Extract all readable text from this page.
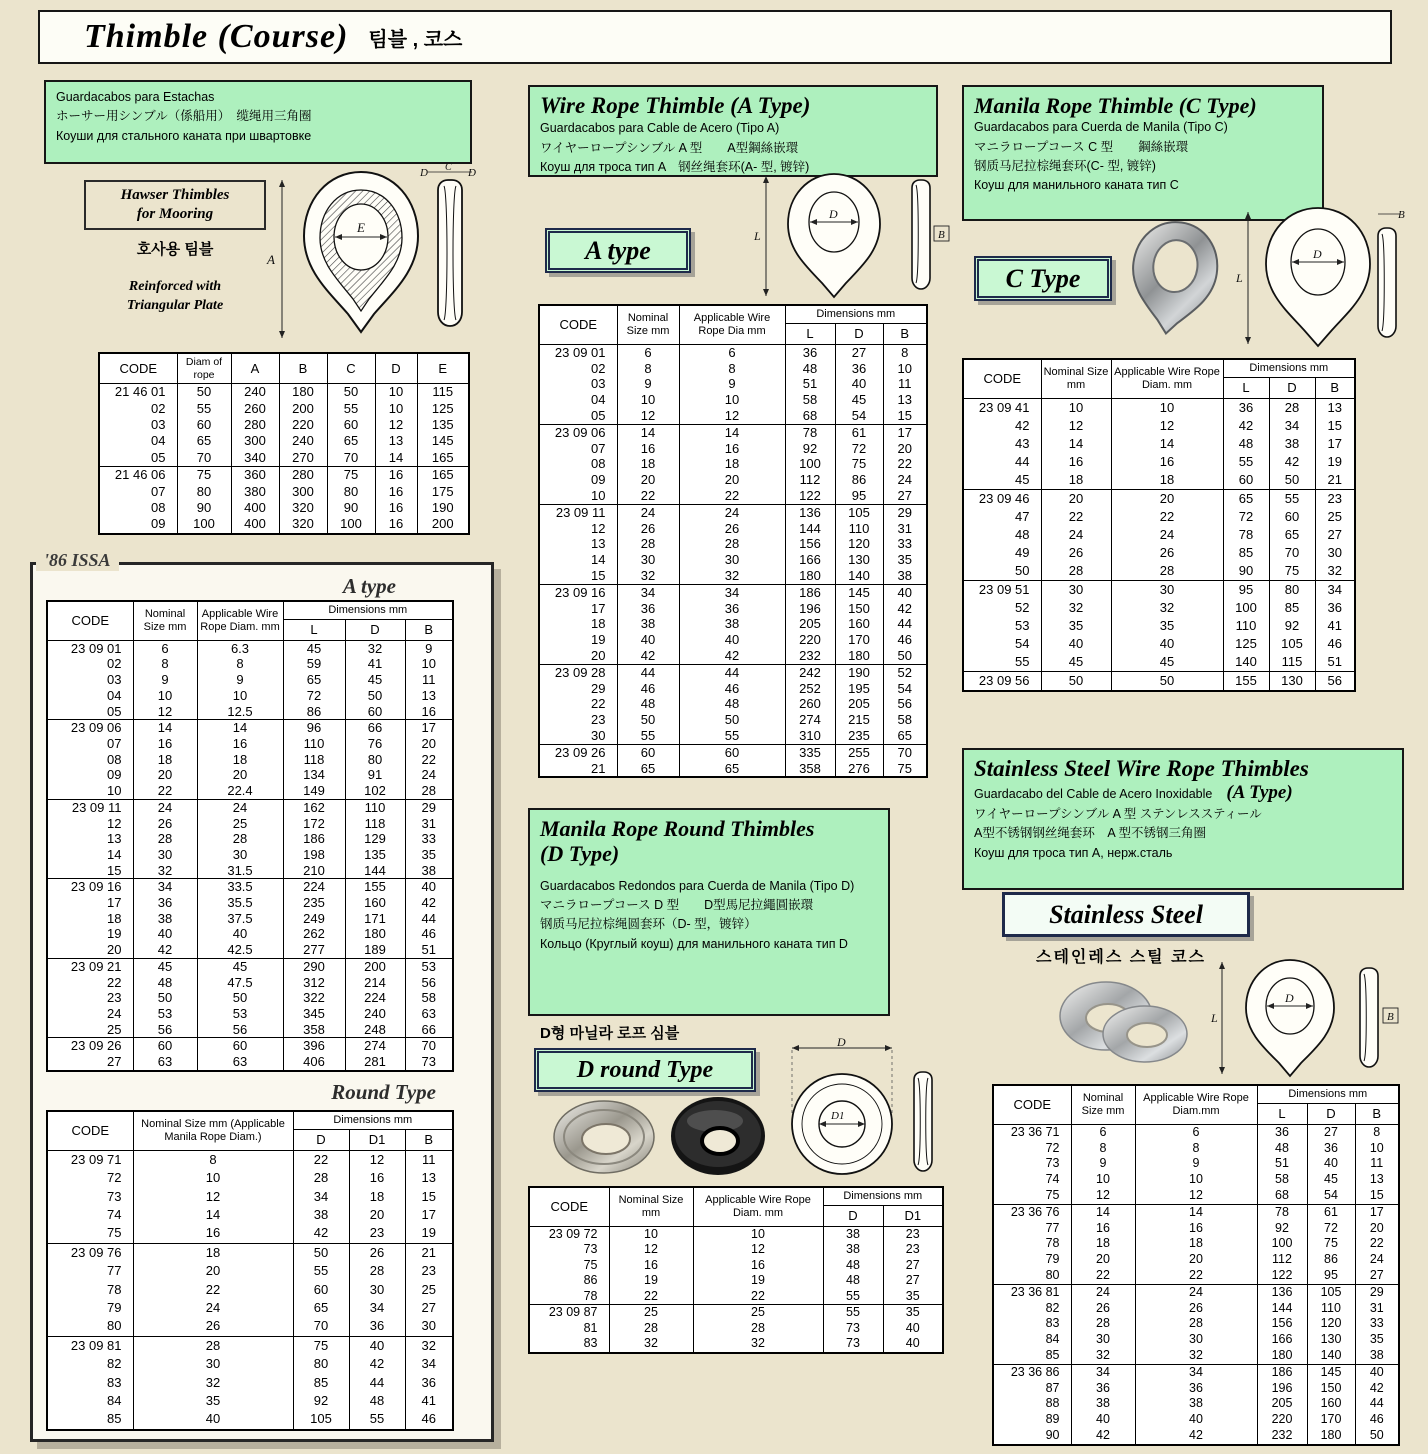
Thimble (Course) 팀블 , 코스
Guardacabos para Estachas
ホーサー用シンブル（係船用）　缆绳用三角圈
Коуши для стального каната при швартовке
Hawser Thimbles
for Mooring
호사용 팀블
Reinforced with
Triangular Plate
A
E
D C D
CODE	Diam of rope	A	B	C	D	E
21 46 01	50	240	180	50	10	115
02	55	260	200	55	10	125
03	60	280	220	60	12	135
04	65	300	240	65	13	145
05	70	340	270	70	14	165
21 46 06	75	360	280	75	16	165
07	80	380	300	80	16	175
08	90	400	320	90	16	190
09	100	400	320	100	16	200
'86 ISSA
A type
CODE	Nominal Size mm	Applicable Wire Rope Diam. mm	Dimensions mm		
			L	D	B
23 09 01	6	6.3	45	32	9
02	8	8	59	41	10
03	9	9	65	45	11
04	10	10	72	50	13
05	12	12.5	86	60	16
23 09 06	14	14	96	66	17
07	16	16	110	76	20
08	18	18	118	80	22
09	20	20	134	91	24
10	22	22.4	149	102	28
23 09 11	24	24	162	110	29
12	26	25	172	118	31
13	28	28	186	129	33
14	30	30	198	135	35
15	32	31.5	210	144	38
23 09 16	34	33.5	224	155	40
17	36	35.5	235	160	42
18	38	37.5	249	171	44
19	40	40	262	180	46
20	42	42.5	277	189	51
23 09 21	45	45	290	200	53
22	48	47.5	312	214	56
23	50	50	322	224	58
24	53	53	345	240	63
25	56	56	358	248	66
23 09 26	60	60	396	274	70
27	63	63	406	281	73
Round Type
CODE	Nominal Size mm (Applicable Manila Rope Diam.)	Dimensions mm		
		D	D1	B
23 09 71	8	22	12	11
72	10	28	16	13
73	12	34	18	15
74	14	38	20	17
75	16	42	23	19
23 09 76	18	50	26	21
77	20	55	28	23
78	22	60	30	25
79	24	65	34	27
80	26	70	36	30
23 09 81	28	75	40	32
82	30	80	42	34
83	32	85	44	36
84	35	92	48	41
85	40	105	55	46
Wire Rope Thimble (A Type)
Guardacabos para Cable de Acero (Tipo A)
ワイヤーロープシンブル A 型　　A型鋼絲嵌環
Коуш для троса тип A　钢丝绳套环(A- 型, 镀锌)
A type	L
D
B
CODE	Nominal Size mm	Applicable Wire Rope Dia mm	Dimensions mm		
			L	D	B
23 09 01	6	6	36	27	8
02	8	8	48	36	10
03	9	9	51	40	11
04	10	10	58	45	13
05	12	12	68	54	15
23 09 06	14	14	78	61	17
07	16	16	92	72	20
08	18	18	100	75	22
09	20	20	112	86	24
10	22	22	122	95	27
23 09 11	24	24	136	105	29
12	26	26	144	110	31
13	28	28	156	120	33
14	30	30	166	130	35
15	32	32	180	140	38
23 09 16	34	34	186	145	40
17	36	36	196	150	42
18	38	38	205	160	44
19	40	40	220	170	46
20	42	42	232	180	50
23 09 28	44	44	242	190	52
29	46	46	252	195	54
22	48	48	260	205	56
23	50	50	274	215	58
30	55	55	310	235	65
23 09 26	60	60	335	255	70
21	65	65	358	276	75
Manila Rope Round Thimbles
(D Type)
Guardacabos Redondos para Cuerda de Manila (Tipo D)
マニラロープコース D 型　　D型馬尼拉繩圓嵌環
钢质马尼拉棕绳圆套环（D- 型，镀锌）
Кольцо (Круглый коуш) для манильного каната тип D
D형 마닐라 로프 심블
D round Type
D
D1
CODE	Nominal Size mm	Applicable Wire Rope Diam. mm	Dimensions mm	
			D	D1
23 09 72	10	10	38	23
73	12	12	38	23
75	16	16	48	27
86	19	19	48	27
78	22	22	55	35
23 09 87	25	25	55	35
81	28	28	73	40
83	32	32	73	40
Manila Rope Thimble (C Type)
Guardacabos para Cuerda de Manila (Tipo C)
マニラロープコース C 型　　鋼絲嵌環
钢质马尼拉棕绳套环(C- 型, 镀锌)
Коуш для манильного каната тип C
C Type	L
D
B
CODE	Nominal Size mm	Applicable Wire Rope Diam. mm	Dimensions mm		
			L	D	B
23 09 41	10	10	36	28	13
42	12	12	42	34	15
43	14	14	48	38	17
44	16	16	55	42	19
45	18	18	60	50	21
23 09 46	20	20	65	55	23
47	22	22	72	60	25
48	24	24	78	65	27
49	26	26	85	70	30
50	28	28	90	75	32
23 09 51	30	30	95	80	34
52	32	32	100	85	36
53	35	35	110	92	41
54	40	40	125	105	46
55	45	45	140	115	51
23 09 56	50	50	155	130	56
Stainless Steel Wire Rope Thimbles
Guardacabo del Cable de Acero Inoxidable (A Type)
ワイヤーロープシンブル A 型 ステンレススティール
A型不锈钢钢丝绳套环　A 型不锈钢三角圈
Коуш для троса тип A, нерж.сталь
Stainless Steel
스테인레스 스틸 코스
L
D
B
CODE	Nominal Size mm	Applicable Wire Rope Diam.mm	Dimensions mm		
			L	D	B
23 36 71	6	6	36	27	8
72	8	8	48	36	10
73	9	9	51	40	11
74	10	10	58	45	13
75	12	12	68	54	15
23 36 76	14	14	78	61	17
77	16	16	92	72	20
78	18	18	100	75	22
79	20	20	112	86	24
80	22	22	122	95	27
23 36 81	24	24	136	105	29
82	26	26	144	110	31
83	28	28	156	120	33
84	30	30	166	130	35
85	32	32	180	140	38
23 36 86	34	34	186	145	40
87	36	36	196	150	42
88	38	38	205	160	44
89	40	40	220	170	46
90	42	42	232	180	50
